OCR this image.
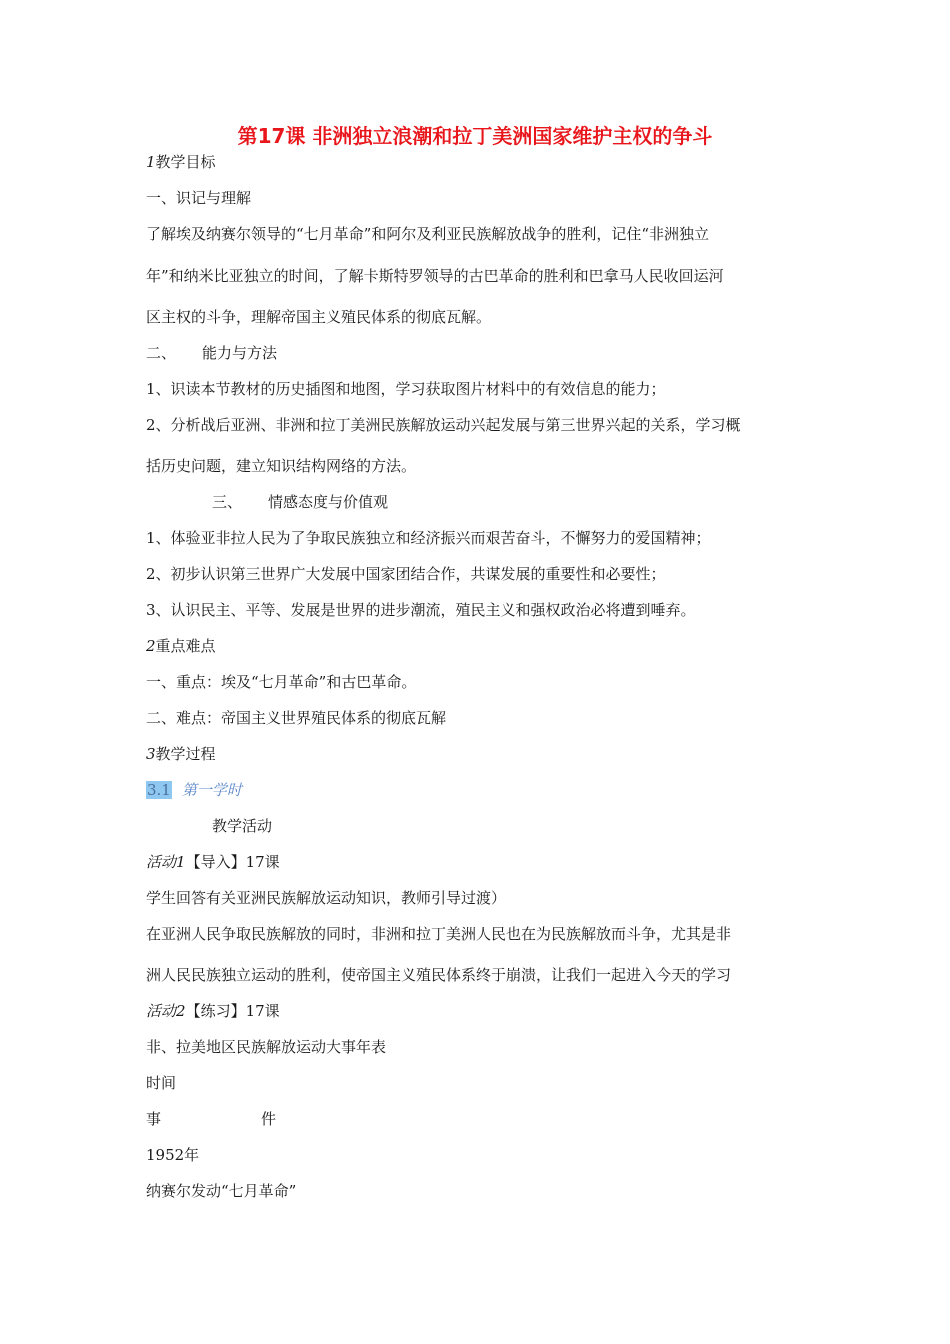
第17课 非洲独立浪潮和拉丁美洲国家维护主权的争斗
1教学目标
一、识记与理解
了解埃及纳赛尔领导的“七月革命”和阿尔及利亚民族解放战争的胜利，记住“非洲独立
年”和纳米比亚独立的时间，了解卡斯特罗领导的古巴革命的胜利和巴拿马人民收回运河
区主权的斗争，理解帝国主义殖民体系的彻底瓦解。
二、 能力与方法
1、识读本节教材的历史插图和地图，学习获取图片材料中的有效信息的能力；
2、分析战后亚洲、非洲和拉丁美洲民族解放运动兴起发展与第三世界兴起的关系，学习概
括历史问题，建立知识结构网络的方法。
三、 情感态度与价值观
1、体验亚非拉人民为了争取民族独立和经济振兴而艰苦奋斗，不懈努力的爱国精神；
2、初步认识第三世界广大发展中国家团结合作，共谋发展的重要性和必要性；
3、认识民主、平等、发展是世界的进步潮流，殖民主义和强权政治必将遭到唾弃。
2重点难点
一、重点：埃及“七月革命”和古巴革命。
二、难点：帝国主义世界殖民体系的彻底瓦解
3教学过程
3.1 第一学时
教学活动
活动1【导入】17课
学生回答有关亚洲民族解放运动知识，教师引导过渡）
在亚洲人民争取民族解放的同时，非洲和拉丁美洲人民也在为民族解放而斗争，尤其是非
洲人民民族独立运动的胜利，使帝国主义殖民体系终于崩溃，让我们一起进入今天的学习
活动2【练习】17课
非、拉美地区民族解放运动大事年表
时间
事	件
1952年
纳赛尔发动“七月革命”
